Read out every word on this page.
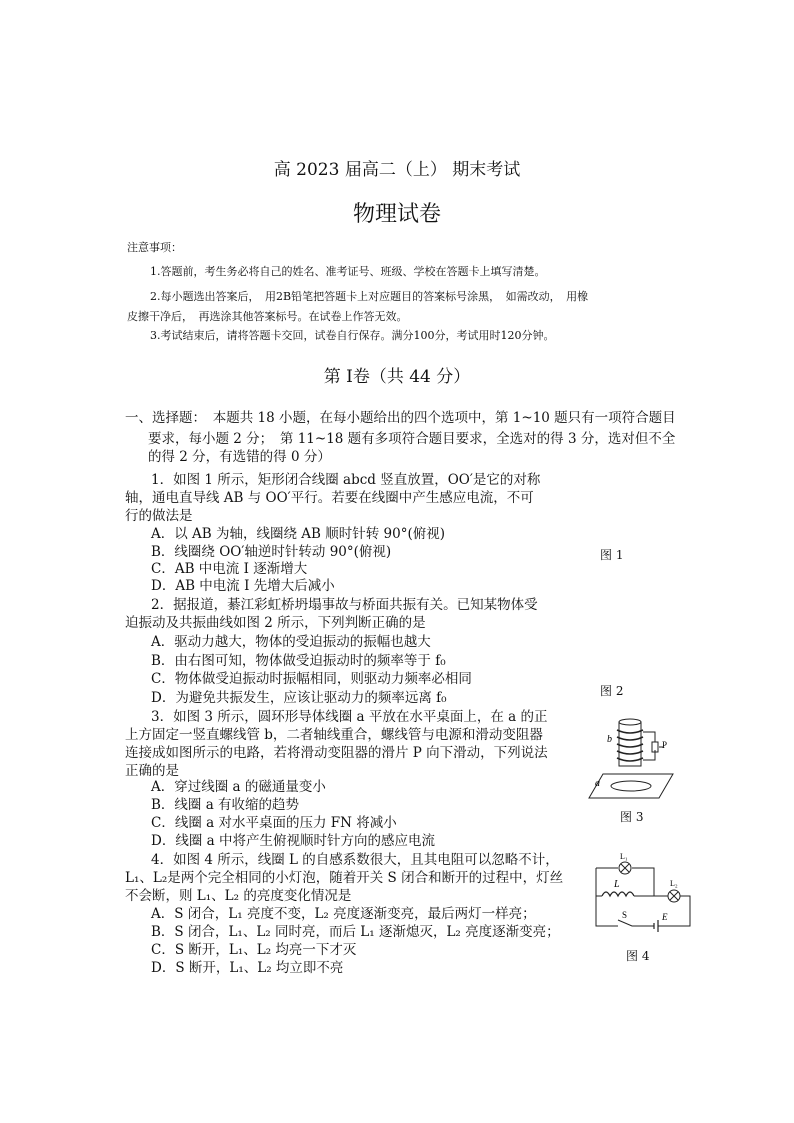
高 2023 届高二（上） 期末考试
物理试卷
注意事项：
1.答题前，考生务必将自己的姓名、准考证号、班级、学校在答题卡上填写清楚。
2.每小题选出答案后，　用2B铅笔把答题卡上对应题目的答案标号涂黑，　如需改动，　用橡
皮擦干净后，　再选涂其他答案标号。在试卷上作答无效。
3.考试结束后，请将答题卡交回，试卷自行保存。满分100分，考试用时120分钟。
第 Ⅰ卷（共 44 分）
一、选择题：　本题共 18 小题，在每小题给出的四个选项中，第 1~10 题只有一项符合题目
要求，每小题 2 分；　第 11~18 题有多项符合题目要求，全选对的得 3 分，选对但不全
的得 2 分，有选错的得 0 分）
1．如图 1 所示，矩形闭合线圈 abcd 竖直放置，OO′是它的对称
轴，通电直导线 AB 与 OO′平行。若要在线圈中产生感应电流，不可
行的做法是
A．以 AB 为轴，线圈绕 AB 顺时针转 90°(俯视)
B．线圈绕 OO′轴逆时针转动 90°(俯视)
C．AB 中电流 I 逐渐增大
D．AB 中电流 I 先增大后减小
图 1
2．据报道，綦江彩虹桥坍塌事故与桥面共振有关。已知某物体受
迫振动及共振曲线如图 2 所示，下列判断正确的是
A．驱动力越大，物体的受迫振动的振幅也越大
B．由右图可知，物体做受迫振动时的频率等于 f₀
C．物体做受迫振动时振幅相同，则驱动力频率必相同
D．为避免共振发生，应该让驱动力的频率远离 f₀	图 2
3．如图 3 所示，圆环形导体线圈 a 平放在水平桌面上，在 a 的正
上方固定一竖直螺线管 b，二者轴线重合，螺线管与电源和滑动变阻器
连接成如图所示的电路，若将滑动变阻器的滑片 P 向下滑动，下列说法
正确的是
A．穿过线圈 a 的磁通量变小
B．线圈 a 有收缩的趋势
C．线圈 a 对水平桌面的压力 FN 将减小
D．线圈 a 中将产生俯视顺时针方向的感应电流
b	P
a
图 3
4．如图 4 所示，线圈 L 的自感系数很大，且其电阻可以忽略不计，
L₁、L₂是两个完全相同的小灯泡，随着开关 S 闭合和断开的过程中，灯丝
不会断，则 L₁、L₂ 的亮度变化情况是
A．S 闭合，L₁ 亮度不变，L₂ 亮度逐渐变亮，最后两灯一样亮；
B．S 闭合，L₁、L₂ 同时亮，而后 L₁ 逐渐熄灭，L₂ 亮度逐渐变亮；
C．S 断开，L₁、L₂ 均亮一下才灭
D．S 断开，L₁、L₂ 均立即不亮
L₁
L₂
L
S	E
图 4
